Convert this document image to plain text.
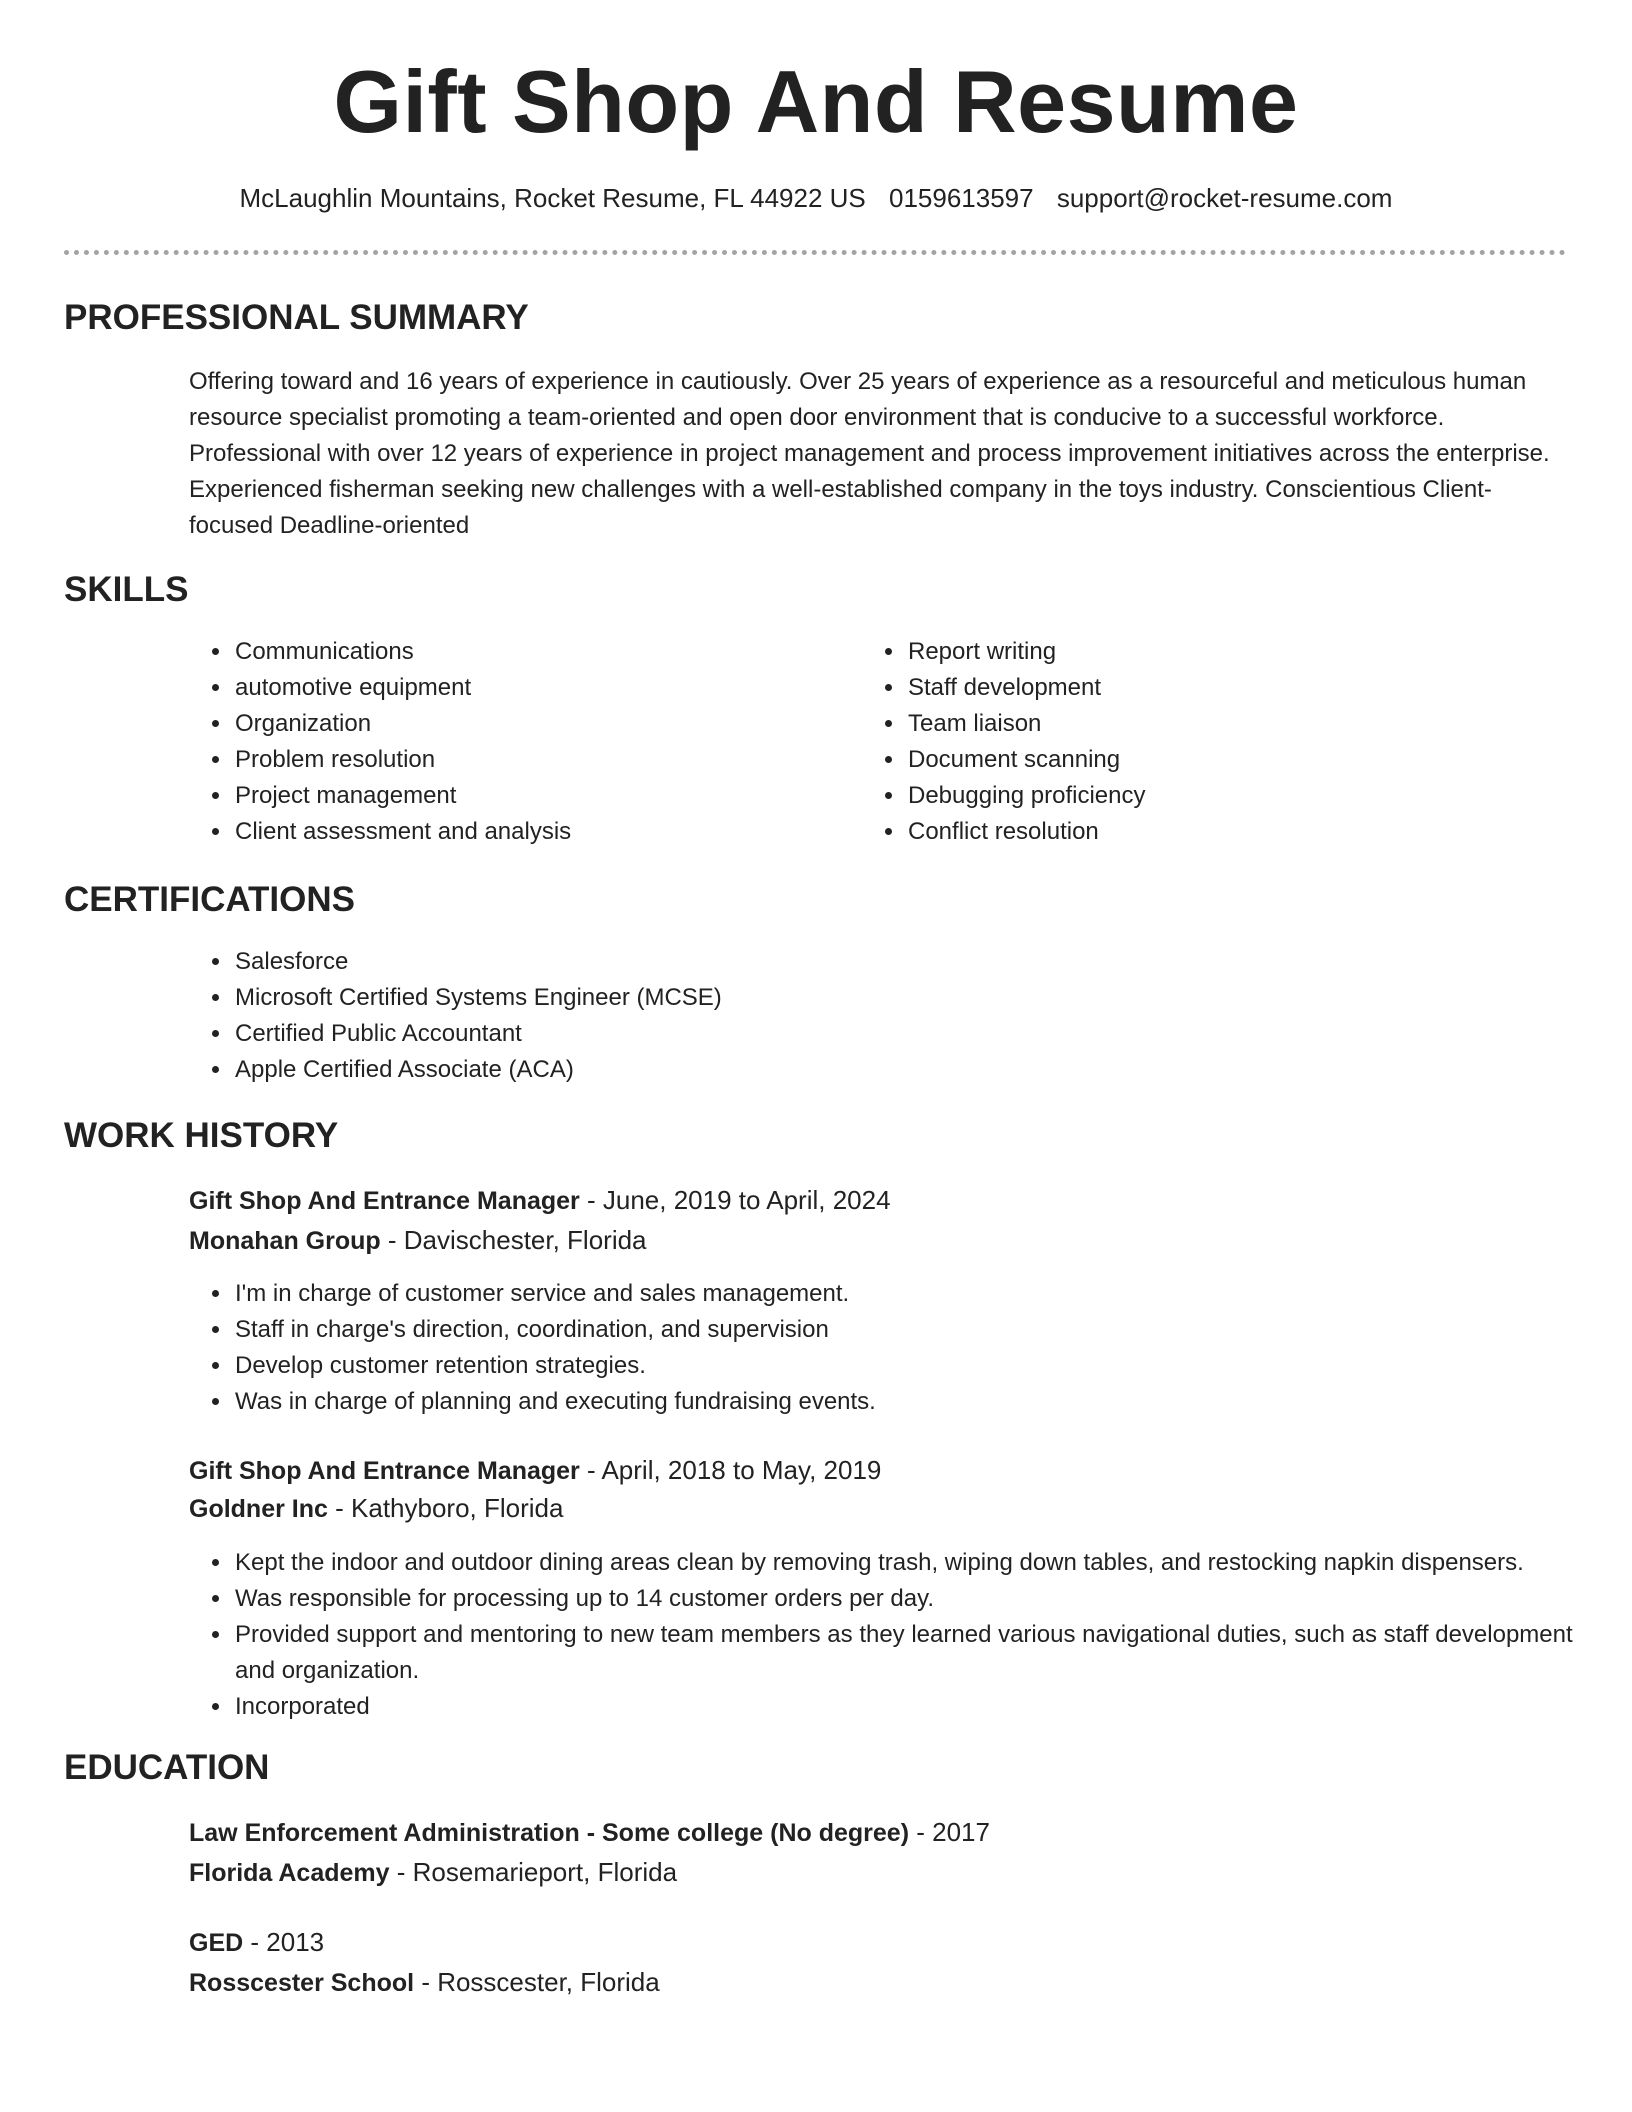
Gift Shop And Resume
McLaughlin Mountains, Rocket Resume, FL 44922 US 0159613597 support@rocket-resume.com
PROFESSIONAL SUMMARY

Offering toward and 16 years of experience in cautiously. Over 25 years of experience as a resourceful and meticulous human resource specialist promoting a team-oriented and open door environment that is conducive to a successful workforce. Professional with over 12 years of experience in project management and process improvement initiatives across the enterprise. Experienced fisherman seeking new challenges with a well-established company in the toys industry. Conscientious Client-focused Deadline-oriented

SKILLS
• Communications
• automotive equipment
• Organization
• Problem resolution
• Project management
• Client assessment and analysis
• Report writing
• Staff development
• Team liaison
• Document scanning
• Debugging proficiency
• Conflict resolution
CERTIFICATIONS
• Salesforce
• Microsoft Certified Systems Engineer (MCSE)
• Certified Public Accountant
• Apple Certified Associate (ACA)
WORK HISTORY
Gift Shop And Entrance Manager - June, 2019 to April, 2024
Monahan Group - Davischester, Florida
• I'm in charge of customer service and sales management.
• Staff in charge's direction, coordination, and supervision
• Develop customer retention strategies.
• Was in charge of planning and executing fundraising events.
Gift Shop And Entrance Manager - April, 2018 to May, 2019
Goldner Inc - Kathyboro, Florida
• Kept the indoor and outdoor dining areas clean by removing trash, wiping down tables, and restocking napkin dispensers.
• Was responsible for processing up to 14 customer orders per day.
• Provided support and mentoring to new team members as they learned various navigational duties, such as staff development and organization.
• Incorporated
EDUCATION
Law Enforcement Administration - Some college (No degree) - 2017
Florida Academy - Rosemarieport, Florida
GED - 2013
Rosscester School - Rosscester, Florida
